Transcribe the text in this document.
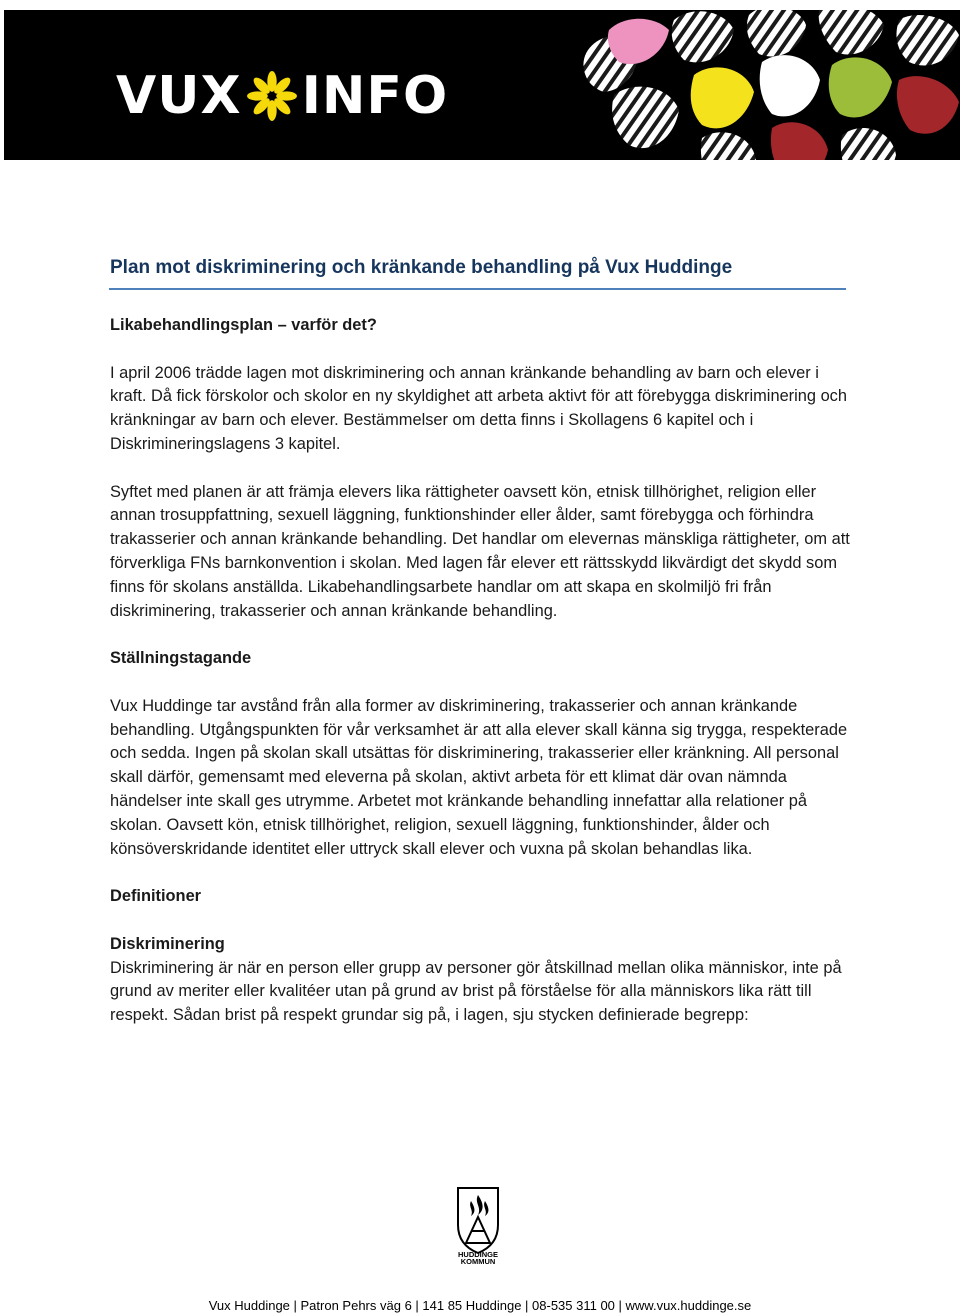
VUX INFO
Plan mot diskriminering och kränkande behandling på Vux Huddinge

Likabehandlingsplan – varför det?

I april 2006 trädde lagen mot diskriminering och annan kränkande behandling av barn och elever i kraft. Då fick förskolor och skolor en ny skyldighet att arbeta aktivt för att förebygga diskriminering och kränkningar av barn och elever. Bestämmelser om detta finns i Skollagens 6 kapitel och i Diskrimineringslagens 3 kapitel.

Syftet med planen är att främja elevers lika rättigheter oavsett kön, etnisk tillhörighet, religion eller annan trosuppfattning, sexuell läggning, funktionshinder eller ålder, samt förebygga och förhindra trakasserier och annan kränkande behandling. Det handlar om elevernas mänskliga rättigheter, om att förverkliga FNs barnkonvention i skolan. Med lagen får elever ett rättsskydd likvärdigt det skydd som finns för skolans anställda. Likabehandlingsarbete handlar om att skapa en skolmiljö fri från diskriminering, trakasserier och annan kränkande behandling.

Ställningstagande

Vux Huddinge tar avstånd från alla former av diskriminering, trakasserier och annan kränkande behandling. Utgångspunkten för vår verksamhet är att alla elever skall känna sig trygga, respekterade och sedda. Ingen på skolan skall utsättas för diskriminering, trakasserier eller kränkning. All personal skall därför, gemensamt med eleverna på skolan, aktivt arbeta för ett klimat där ovan nämnda händelser inte skall ges utrymme. Arbetet mot kränkande behandling innefattar alla relationer på skolan. Oavsett kön, etnisk tillhörighet, religion, sexuell läggning, funktionshinder, ålder och könsöverskridande identitet eller uttryck skall elever och vuxna på skolan behandlas lika.

Definitioner

Diskriminering

Diskriminering är när en person eller grupp av personer gör åtskillnad mellan olika människor, inte på grund av meriter eller kvalitéer utan på grund av brist på förståelse för alla människors lika rätt till respekt. Sådan brist på respekt grundar sig på, i lagen, sju stycken definierade begrepp:

HUDDINGE
KOMMUN
Vux Huddinge | Patron Pehrs väg 6 | 141 85 Huddinge | 08-535 311 00 | www.vux.huddinge.se
